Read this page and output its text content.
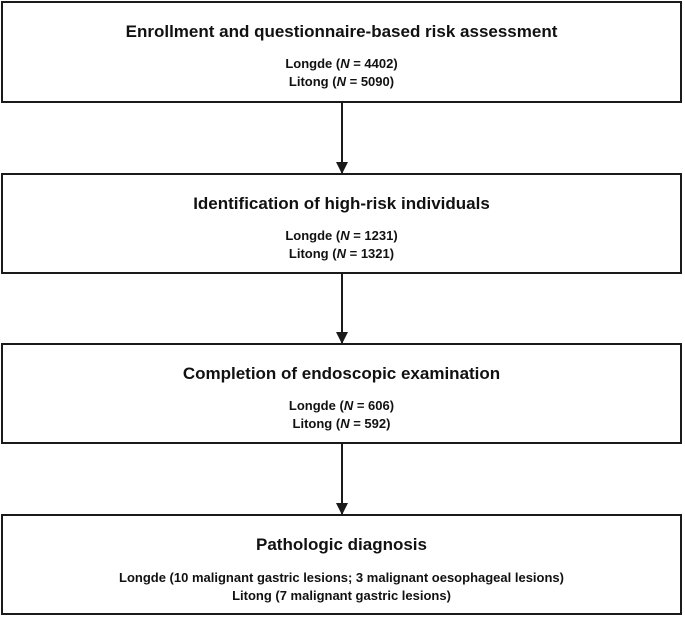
Enrollment and questionnaire-based risk assessment
Longde (N = 4402)
Litong (N = 5090)
Identification of high-risk individuals
Longde (N = 1231)
Litong (N = 1321)
Completion of endoscopic examination
Longde (N = 606)
Litong (N = 592)
Pathologic diagnosis
Longde (10 malignant gastric lesions; 3 malignant oesophageal lesions)
Litong (7 malignant gastric lesions)
